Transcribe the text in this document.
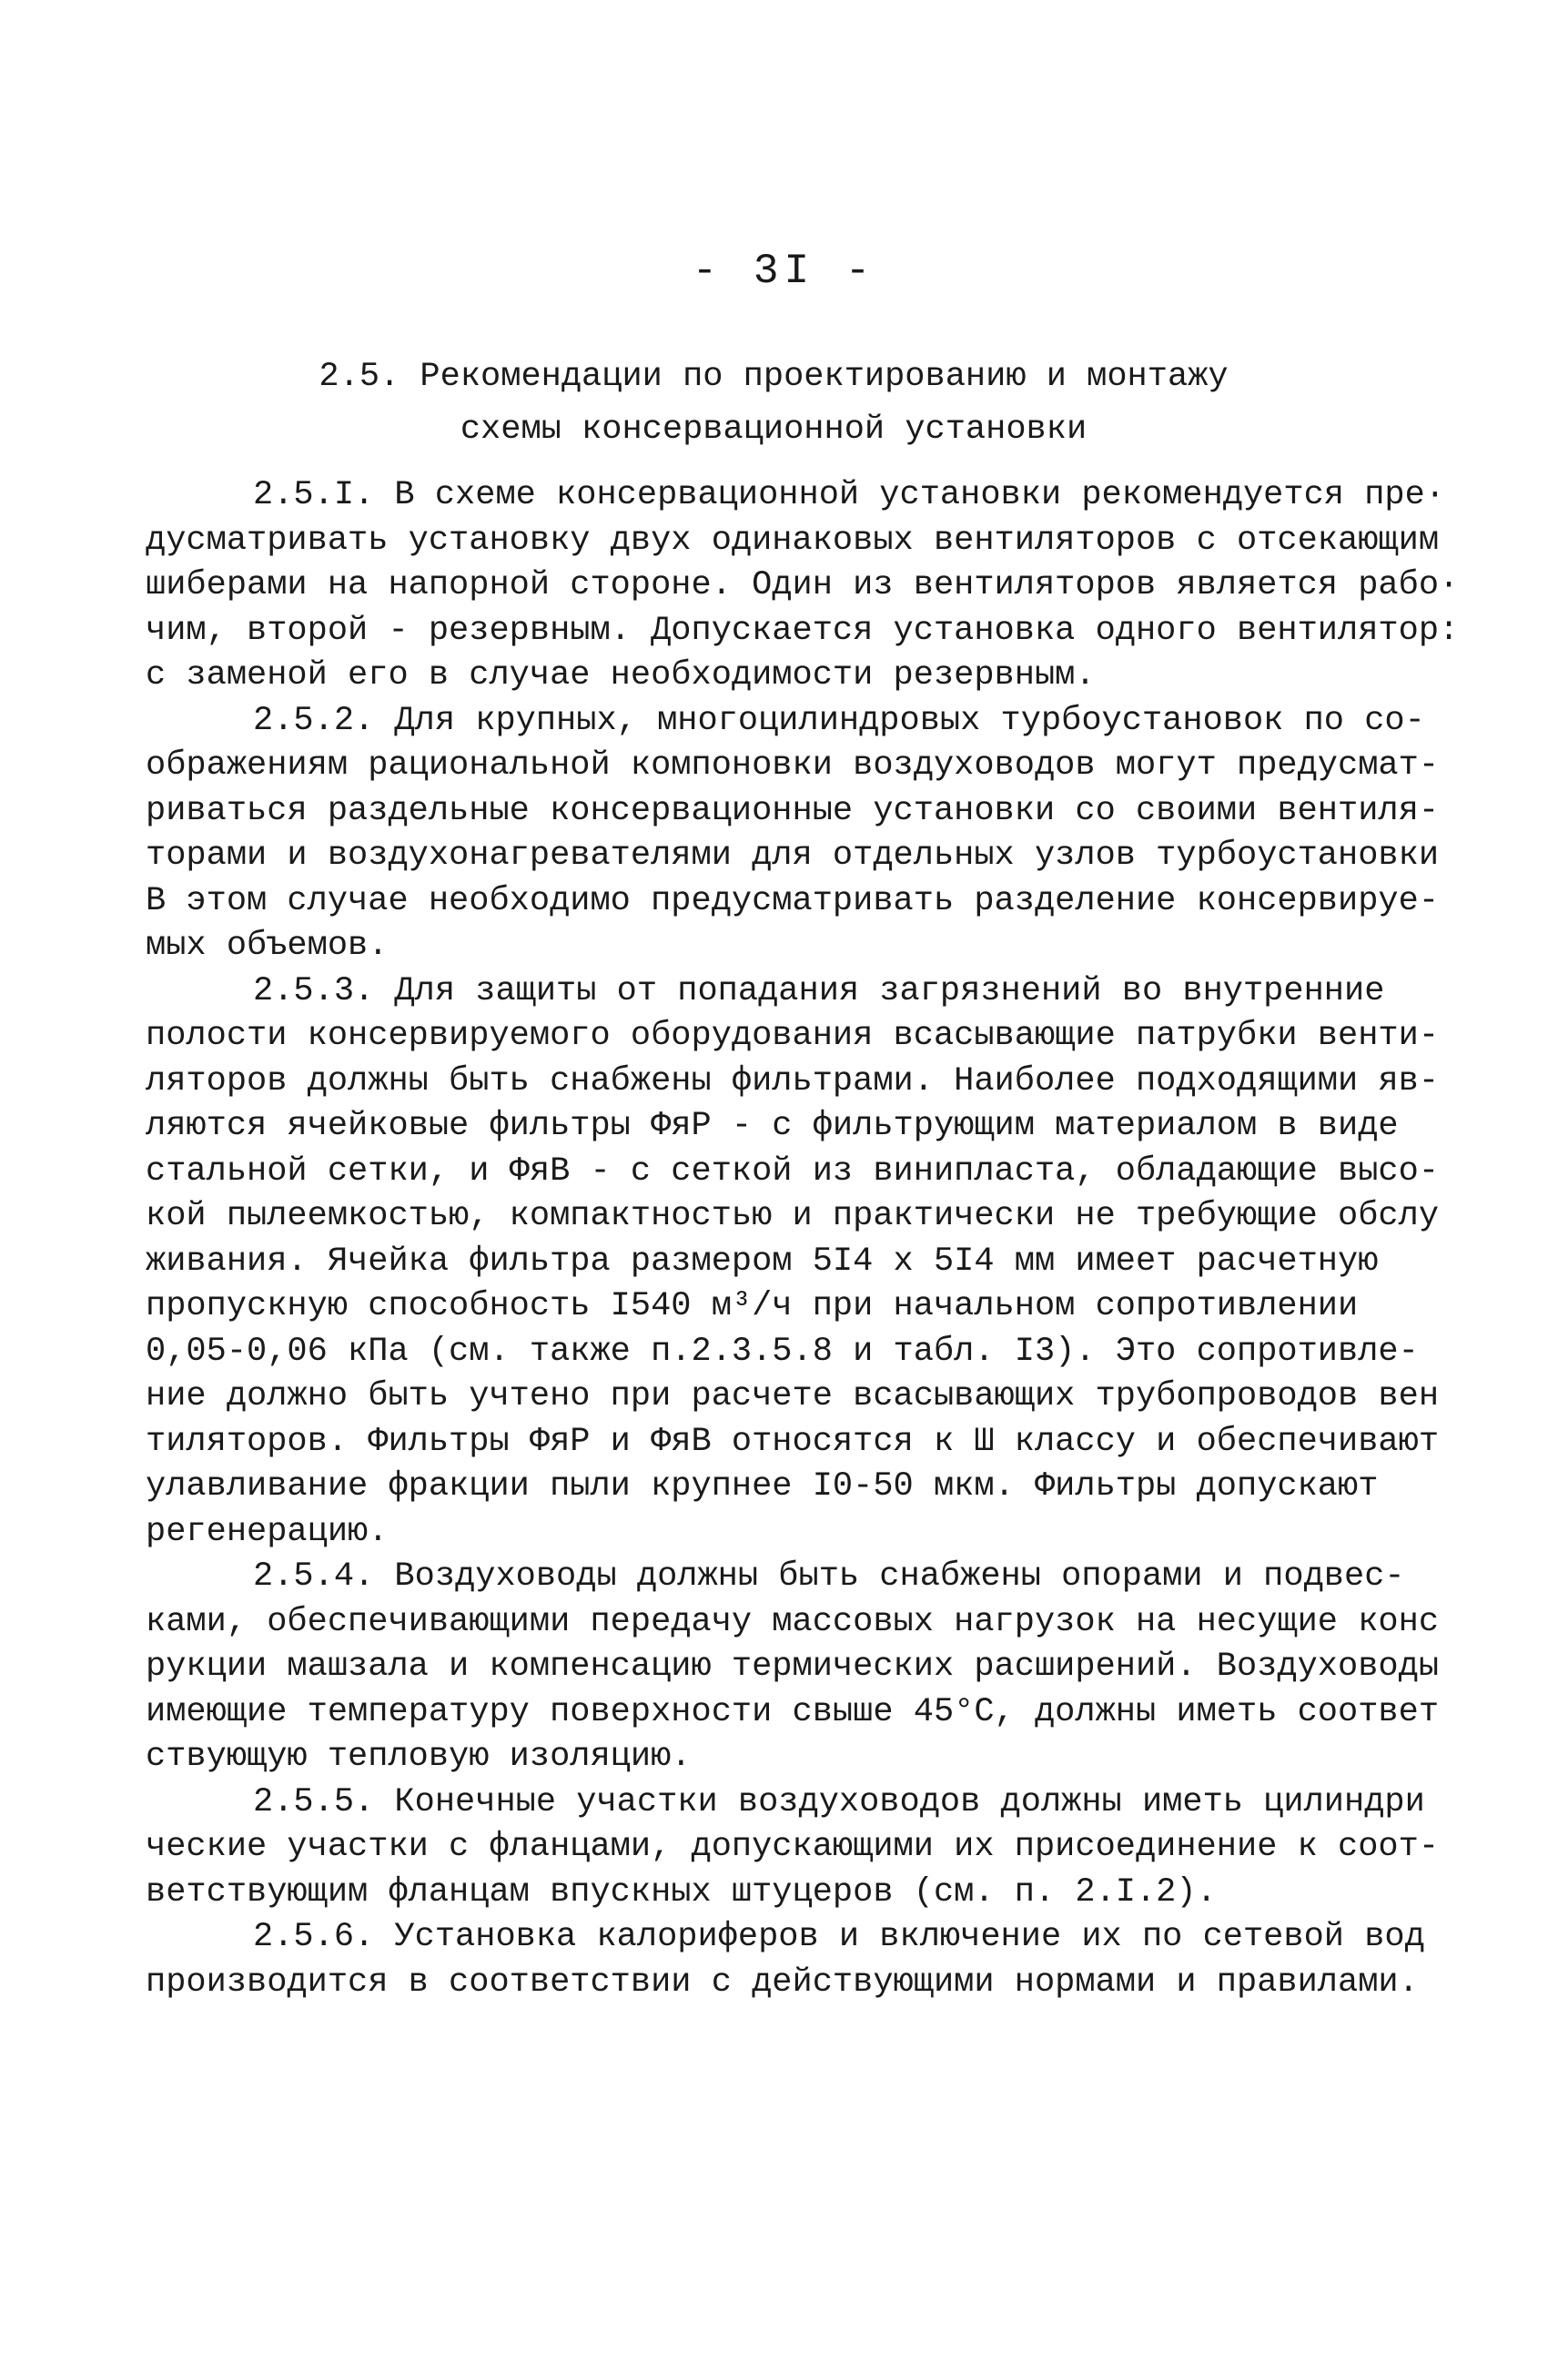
- 3I -
2.5. Рекомендации по проектированию и монтажу
схемы консервационной установки
2.5.I. В схеме консервационной установки рекомендуется пре·
дусматривать установку двух одинаковых вентиляторов с отсекающим
шиберами на напорной стороне. Один из вентиляторов является рабо·
чим, второй - резервным. Допускается установка одного вентилятор:
с заменой его в случае необходимости резервным.
2.5.2. Для крупных, многоцилиндровых турбоустановок по со-
ображениям рациональной компоновки воздуховодов могут предусмат-
риваться раздельные консервационные установки со своими вентиля-
торами и воздухонагревателями для отдельных узлов турбоустановки
В этом случае необходимо предусматривать разделение консервируе-
мых объемов.
2.5.3. Для защиты от попадания загрязнений во внутренние
полости консервируемого оборудования всасывающие патрубки венти-
ляторов должны быть снабжены фильтрами. Наиболее подходящими яв-
ляются ячейковые фильтры ФяР - с фильтрующим материалом в виде
стальной сетки, и ФяВ - с сеткой из винипласта, обладающие высо-
кой пылеемкостью, компактностью и практически не требующие обслу
живания. Ячейка фильтра размером 5I4 x 5I4 мм имеет расчетную
пропускную способность I540 м³/ч при начальном сопротивлении
0,05-0,06 кПа (см. также п.2.3.5.8 и табл. I3). Это сопротивле-
ние должно быть учтено при расчете всасывающих трубопроводов вен
тиляторов. Фильтры ФяР и ФяВ относятся к Ш классу и обеспечивают
улавливание фракции пыли крупнее I0-50 мкм. Фильтры допускают
регенерацию.
2.5.4. Воздуховоды должны быть снабжены опорами и подвес-
ками, обеспечивающими передачу массовых нагрузок на несущие конс
рукции машзала и компенсацию термических расширений. Воздуховоды
имеющие температуру поверхности свыше 45°С, должны иметь соответ
ствующую тепловую изоляцию.
2.5.5. Конечные участки воздуховодов должны иметь цилиндри
ческие участки с фланцами, допускающими их присоединение к соот-
ветствующим фланцам впускных штуцеров (см. п. 2.I.2).
2.5.6. Установка калориферов и включение их по сетевой вод
производится в соответствии с действующими нормами и правилами.
